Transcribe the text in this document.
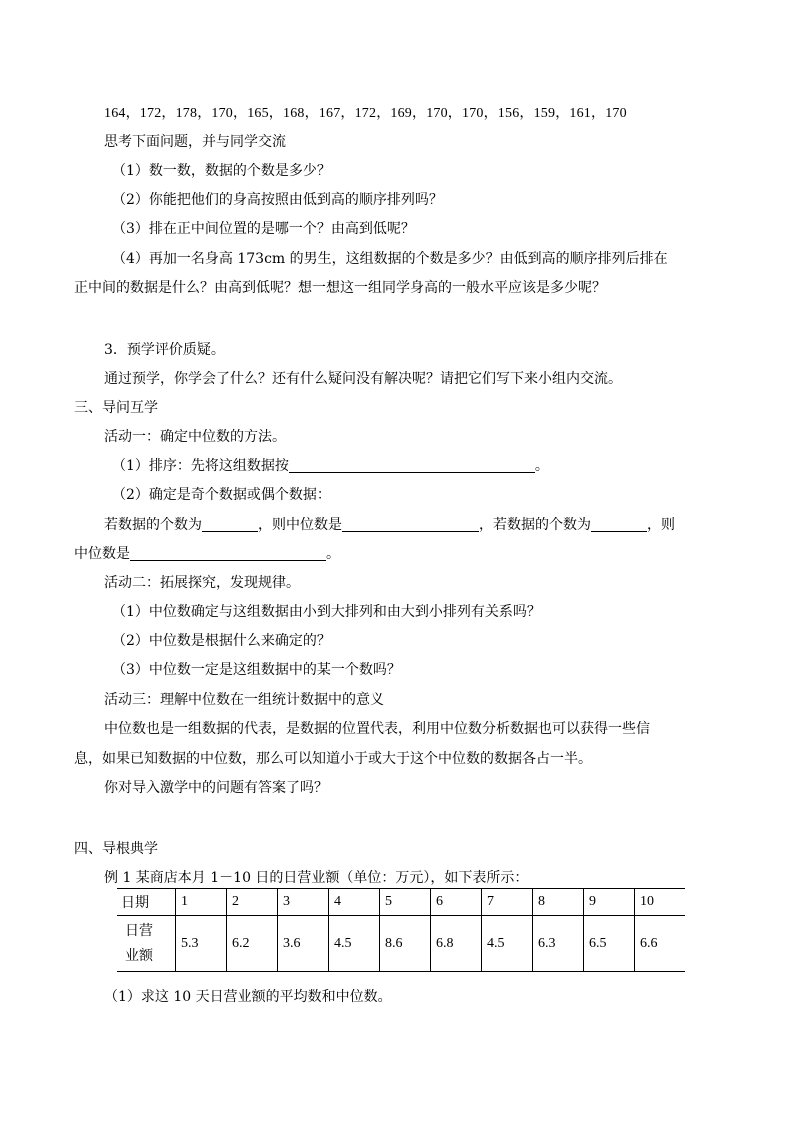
164，172，178，170，165，168，167，172，169，170，170，156，159，161，170
思考下面问题，并与同学交流
（1）数一数，数据的个数是多少？
（2）你能把他们的身高按照由低到高的顺序排列吗？
（3）排在正中间位置的是哪一个？由高到低呢？
（4）再加一名身高 173cm 的男生，这组数据的个数是多少？由低到高的顺序排列后排在
正中间的数据是什么？由高到低呢？想一想这一组同学身高的一般水平应该是多少呢？
3．预学评价质疑。
通过预学，你学会了什么？还有什么疑问没有解决呢？请把它们写下来小组内交流。
三、导问互学
活动一：确定中位数的方法。
（1）排序：先将这组数据按	。
（2）确定是奇个数据或偶个数据：
若数据的个数为	，则中位数是	，若数据的个数为	，则
中位数是	。
活动二：拓展探究，发现规律。
（1）中位数确定与这组数据由小到大排列和由大到小排列有关系吗？
（2）中位数是根据什么来确定的？
（3）中位数一定是这组数据中的某一个数吗？
活动三：理解中位数在一组统计数据中的意义
中位数也是一组数据的代表，是数据的位置代表，利用中位数分析数据也可以获得一些信
息，如果已知数据的中位数，那么可以知道小于或大于这个中位数的数据各占一半。
你对导入激学中的问题有答案了吗？
四、导根典学
例 1 某商店本月 1－10 日的日营业额（单位：万元），如下表所示：
日期	1	2	3	4	5	6	7	8	9	10

日营
业额	5.3	6.2	3.6	4.5	8.6	6.8	4.5	6.3	6.5	6.6
（1）求这 10 天日营业额的平均数和中位数。
